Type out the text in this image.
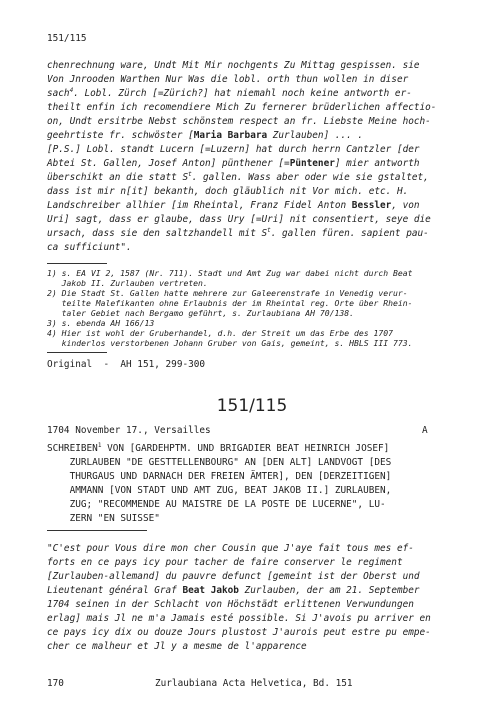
151/115
chenrechnung ware, Undt Mit Mir nochgents Zu Mittag gespissen. sie
Von Jnrooden Warthen Nur Was die lobl. orth thun wollen in diser
sach$^4$. Lobl. Zürch [=Zürich?] hat niemahl noch keine antworth er-
theilt enfin ich recomendiere Mich Zu fernerer brüderlichen affectio-
on, Undt ersitrbe Nebst schönstem respect an fr. Liebste Meine hoch-
geehrtiste fr. schwöster [Maria Barbara Zurlauben] ... .
[P.S.] Lobl. standt Lucern [=Luzern] hat durch herrn Cantzler [der
Abtei St. Gallen, Josef Anton] pünthener [=Püntener] mier antworth
überschikt an die statt $S^t$. gallen. Wass aber oder wie sie gstaltet,
dass ist mir n[it] bekanth, doch gläublich nit Vor mich. etc. H.
Landschreiber allhier [im Rheintal, Franz Fidel Anton Bessler, von
Uri] sagt, dass er glaube, dass Ury [=Uri] nit consentiert, seye die
ursach, dass sie den saltzhandell mit $S^t$. gallen füren. sapient pau-
ca sufficiunt".
1) s. EA VI 2, 1587 (Nr. 711). Stadt und Amt Zug war dabei nicht durch Beat
Jakob II. Zurlauben vertreten.
2) Die Stadt St. Gallen hatte mehrere zur Galeerenstrafe in Venedig verur-
teilte Malefikanten ohne Erlaubnis der im Rheintal reg. Orte über Rhein-
taler Gebiet nach Bergamo geführt, s. Zurlaubiana AH 70/138.
3) s. ebenda AH 166/13
4) Hier ist wohl der Gruberhandel, d.h. der Streit um das Erbe des 1707
kinderlos verstorbenen Johann Gruber von Gais, gemeint, s. HBLS III 773.
Original  -  AH 151, 299-300
151/115
1704 November 17., Versailles	A
SCHREIBEN$^1$ VON [GARDEHPTM. UND BRIGADIER BEAT HEINRICH JOSEF]
ZURLAUBEN "DE GESTTELLENBOURG" AN [DEN ALT] LANDVOGT [DES
THURGAUS UND DARNACH DER FREIEN ÄMTER], DEN [DERZEITIGEN]
AMMANN [VON STADT UND AMT ZUG, BEAT JAKOB II.] ZURLAUBEN,
ZUG; "RECOMMENDE AU MAISTRE DE LA POSTE DE LUCERNE", LU-
ZERN "EN SUISSE"
"C'est pour Vous dire mon cher Cousin que J'aye fait tous mes ef-
forts en ce pays icy pour tacher de faire conserver le regiment
[Zurlauben-allemand] du pauvre defunct [gemeint ist der Oberst und
Lieutenant général Graf Beat Jakob Zurlauben, der am 21. September
1704 seinen in der Schlacht von Höchstädt erlittenen Verwundungen
erlag] mais Jl ne m'a Jamais esté possible. Si J'avois pu arriver en
ce pays icy dix ou douze Jours plustost J'aurois peut estre pu empe-
cher ce malheur et Jl y a mesme de l'apparence
170	Zurlaubiana Acta Helvetica, Bd. 151
